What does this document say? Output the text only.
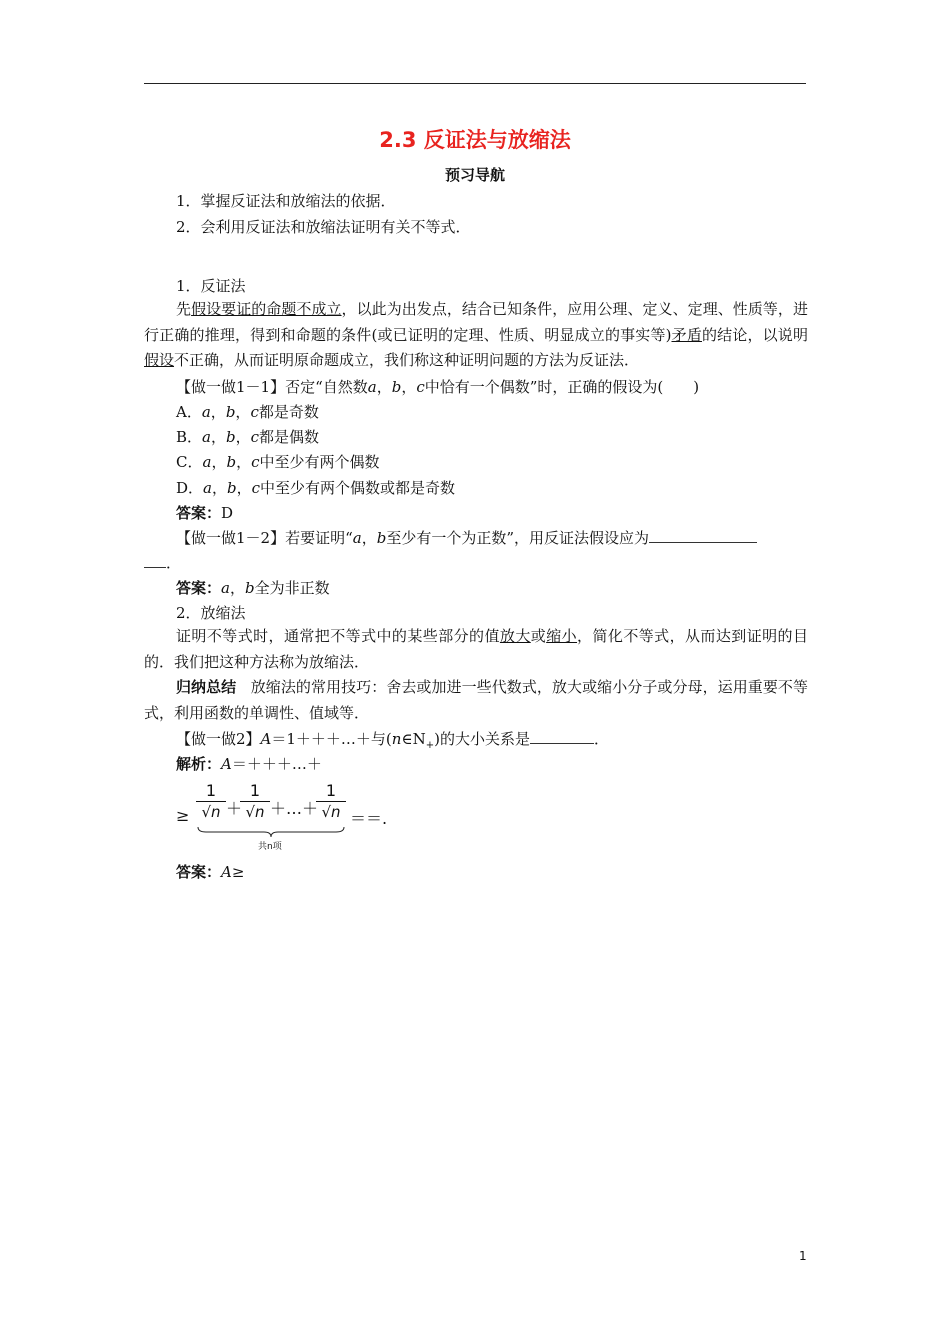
2.3 反证法与放缩法
预习导航
1．掌握反证法和放缩法的依据．
2．会利用反证法和放缩法证明有关不等式．
1．反证法
先假设要证的命题不成立，以此为出发点，结合已知条件，应用公理、定义、定理、性质等，进行正确的推理，得到和命题的条件(或已证明的定理、性质、明显成立的事实等)矛盾的结论，以说明假设不正确，从而证明原命题成立，我们称这种证明问题的方法为反证法．
【做一做1－1】否定“自然数a，b，c中恰有一个偶数”时，正确的假设为(　　)
A．a，b，c都是奇数
B．a，b，c都是偶数
C．a，b，c中至少有两个偶数
D．a，b，c中至少有两个偶数或都是奇数
答案：D
【做一做1－2】若要证明“a，b至少有一个为正数”，用反证法假设应为
．
答案：a，b全为非正数
2．放缩法
证明不等式时，通常把不等式中的某些部分的值放大或缩小，简化不等式，从而达到证明的目的．我们把这种方法称为放缩法．
归纳总结 放缩法的常用技巧：舍去或加进一些代数式，放大或缩小分子或分母，运用重要不等式，利用函数的单调性、值域等．
【做一做2】A＝1＋＋＋…＋与$(n\in N_+)$的大小关系是	．
解析：A＝＋＋＋…＋
≥
1
√n ＋
1
√n ＋…＋
1
√n ＝＝.
共n项
答案：A≥
1
